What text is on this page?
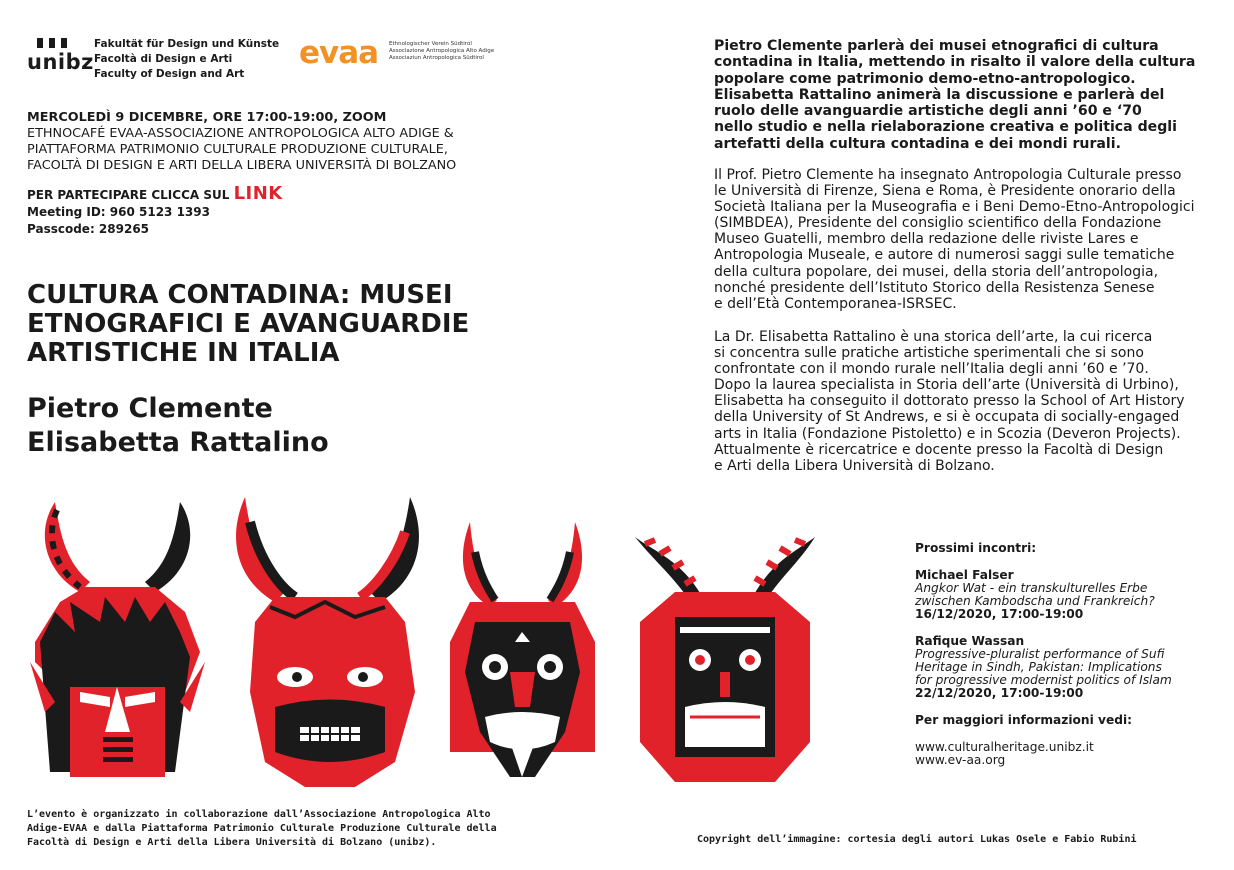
unibz
Fakultät für Design und Künste
Facoltà di Design e Arti
Faculty of Design and Art
evaa Ethnologischer Verein Südtirol
Associazione Antropologica Alto Adige
Associaziun Antropologica Südtirol
MERCOLEDÌ 9 DICEMBRE, ORE 17:00-19:00, ZOOM
ETHNOCAFÉ EVAA-ASSOCIAZIONE ANTROPOLOGICA ALTO ADIGE &
PIATTAFORMA PATRIMONIO CULTURALE PRODUZIONE CULTURALE,
FACOLTÀ DI DESIGN E ARTI DELLA LIBERA UNIVERSITÀ DI BOLZANO
PER PARTECIPARE CLICCA SUL LINK
Meeting ID: 960 5123 1393
Passcode: 289265
CULTURA CONTADINA: MUSEI
ETNOGRAFICI E AVANGUARDIE
ARTISTICHE IN ITALIA
Pietro Clemente
Elisabetta Rattalino
Pietro Clemente parlerà dei musei etnografici di cultura
contadina in Italia, mettendo in risalto il valore della cultura
popolare come patrimonio demo-etno-antropologico.
Elisabetta Rattalino animerà la discussione e parlerà del
ruolo delle avanguardie artistiche degli anni ’60 e ‘70
nello studio e nella rielaborazione creativa e politica degli
artefatti della cultura contadina e dei mondi rurali.
Il Prof. Pietro Clemente ha insegnato Antropologia Culturale presso
le Università di Firenze, Siena e Roma, è Presidente onorario della
Società Italiana per la Museografia e i Beni Demo-Etno-Antropologici
(SIMBDEA), Presidente del consiglio scientifico della Fondazione
Museo Guatelli, membro della redazione delle riviste Lares e
Antropologia Museale, e autore di numerosi saggi sulle tematiche
della cultura popolare, dei musei, della storia dell’antropologia,
nonché presidente dell’Istituto Storico della Resistenza Senese
e dell’Età Contemporanea-ISRSEC.
La Dr. Elisabetta Rattalino è una storica dell’arte, la cui ricerca
si concentra sulle pratiche artistiche sperimentali che si sono
confrontate con il mondo rurale nell’Italia degli anni ’60 e ’70.
Dopo la laurea specialista in Storia dell’arte (Università di Urbino),
Elisabetta ha conseguito il dottorato presso la School of Art History
della University of St Andrews, e si è occupata di socially-engaged
arts in Italia (Fondazione Pistoletto) e in Scozia (Deveron Projects).
Attualmente è ricercatrice e docente presso la Facoltà di Design
e Arti della Libera Università di Bolzano.
Prossimi incontri:
Michael Falser
Angkor Wat - ein transkulturelles Erbe
zwischen Kambodscha und Frankreich?
16/12/2020, 17:00-19:00
Rafique Wassan
Progressive-pluralist performance of Sufi
Heritage in Sindh, Pakistan: Implications
for progressive modernist politics of Islam
22/12/2020, 17:00-19:00
Per maggiori informazioni vedi:
www.culturalheritage.unibz.it
www.ev-aa.org
L’evento è organizzato in collaborazione dall’Associazione Antropologica Alto
Adige-EVAA e dalla Piattaforma Patrimonio Culturale Produzione Culturale della
Facoltà di Design e Arti della Libera Università di Bolzano (unibz).	Copyright dell’immagine: cortesia degli autori Lukas Osele e Fabio Rubini
